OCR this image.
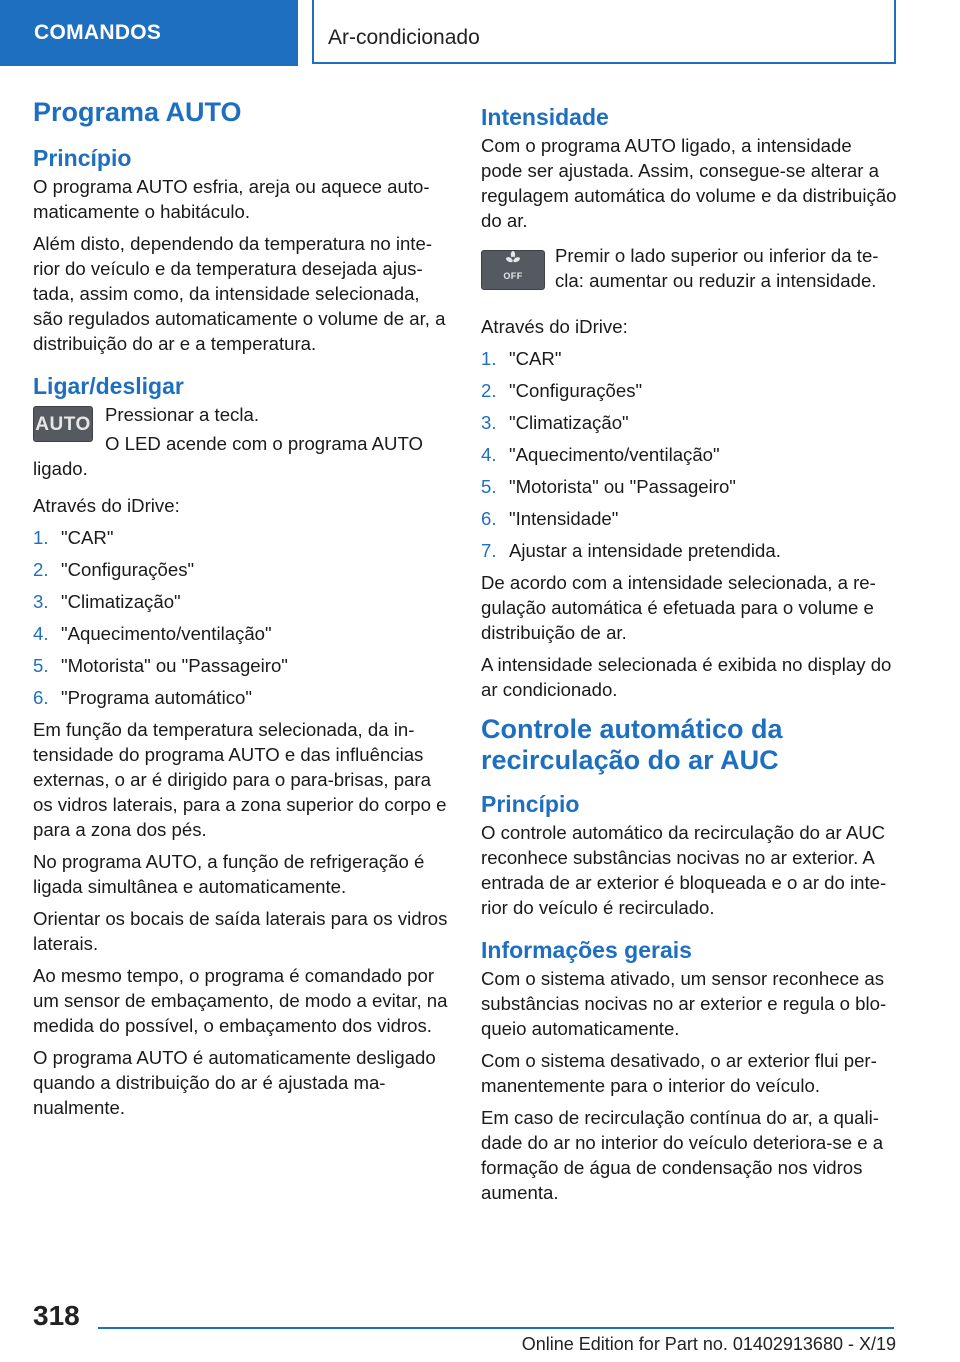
COMANDOS	Ar-condicionado
Programa AUTO
Princípio

O programa AUTO esfria, areja ou aquece automaticamente o habitáculo.

Além disto, dependendo da temperatura no interior do veículo e da temperatura desejada ajustada, assim como, da intensidade selecionada, são regulados automaticamente o volume de ar, a distribuição do ar e a temperatura.

Ligar/desligar
AUTO Pressionar a tecla.

O LED acende com o programa AUTO ligado.

Através do iDrive:

1. "CAR"
2. "Configurações"
3. "Climatização"
4. "Aquecimento/ventilação"
5. "Motorista" ou "Passageiro"
6. "Programa automático"

Em função da temperatura selecionada, da intensidade do programa AUTO e das influências externas, o ar é dirigido para o para-brisas, para os vidros laterais, para a zona superior do corpo e para a zona dos pés.

No programa AUTO, a função de refrigeração é ligada simultânea e automaticamente.

Orientar os bocais de saída laterais para os vidros laterais.

Ao mesmo tempo, o programa é comandado por um sensor de embaçamento, de modo a evitar, na medida do possível, o embaçamento dos vidros.

O programa AUTO é automaticamente desligado quando a distribuição do ar é ajustada manualmente.

Intensidade

Com o programa AUTO ligado, a intensidade pode ser ajustada. Assim, consegue-se alterar a regulagem automática do volume e da distribuição do ar.

OFF

Premir o lado superior ou inferior da tecla: aumentar ou reduzir a intensidade.

Através do iDrive:

1. "CAR"
2. "Configurações"
3. "Climatização"
4. "Aquecimento/ventilação"
5. "Motorista" ou "Passageiro"
6. "Intensidade"
7. Ajustar a intensidade pretendida.

De acordo com a intensidade selecionada, a regulação automática é efetuada para o volume e distribuição de ar.

A intensidade selecionada é exibida no display do ar condicionado.

Controle automático da recirculação do ar AUC
Princípio

O controle automático da recirculação do ar AUC reconhece substâncias nocivas no ar exterior. A entrada de ar exterior é bloqueada e o ar do interior do veículo é recirculado.

Informações gerais

Com o sistema ativado, um sensor reconhece as substâncias nocivas no ar exterior e regula o bloqueio automaticamente.

Com o sistema desativado, o ar exterior flui permanentemente para o interior do veículo.

Em caso de recirculação contínua do ar, a qualidade do ar no interior do veículo deteriora-se e a formação de água de condensação nos vidros aumenta.

318
Online Edition for Part no. 01402913680 - X/19
